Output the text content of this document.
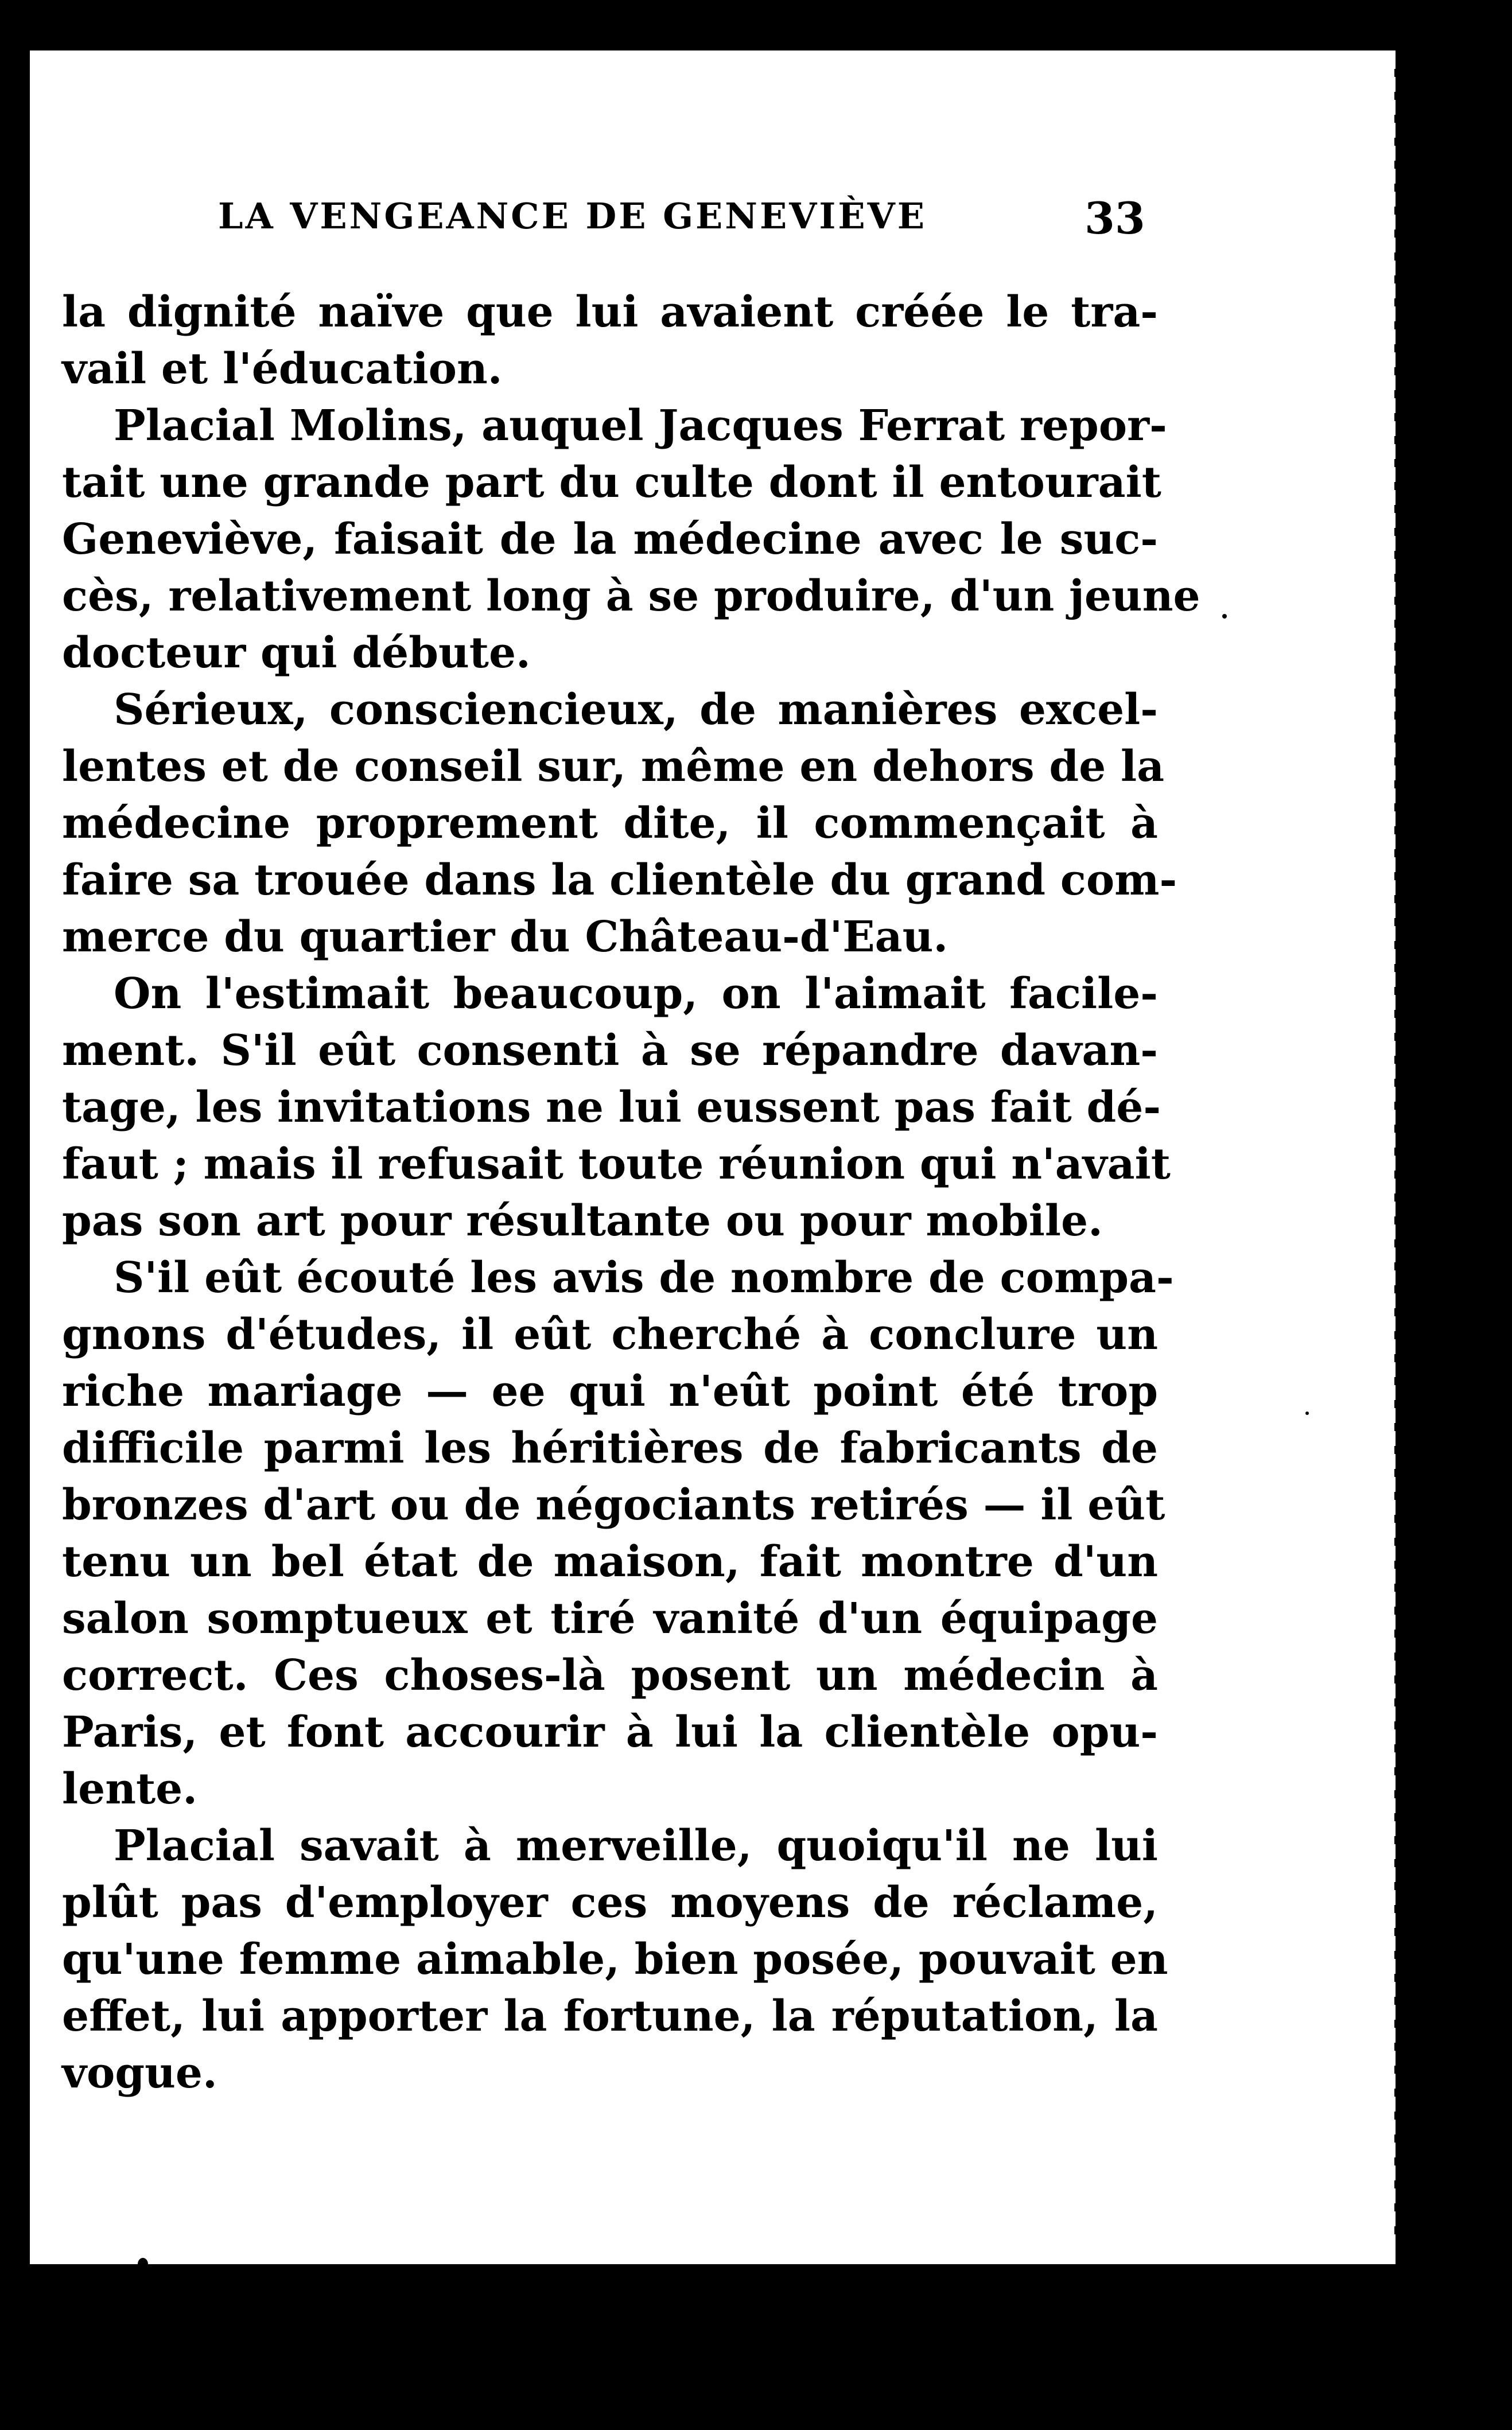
LA VENGEANCE DE GENEVIÈVE	33
la dignité naïve que lui avaient créée le tra-
vail et l'éducation.
Placial Molins, auquel Jacques Ferrat repor-
tait une grande part du culte dont il entourait
Geneviève, faisait de la médecine avec le suc-
cès, relativement long à se produire, d'un jeune
docteur qui débute.
Sérieux, consciencieux, de manières excel-
lentes et de conseil sur, même en dehors de la
médecine proprement dite, il commençait à
faire sa trouée dans la clientèle du grand com-
merce du quartier du Château-d'Eau.
On l'estimait beaucoup, on l'aimait facile-
ment. S'il eût consenti à se répandre davan-
tage, les invitations ne lui eussent pas fait dé-
faut ; mais il refusait toute réunion qui n'avait
pas son art pour résultante ou pour mobile.
S'il eût écouté les avis de nombre de compa-
gnons d'études, il eût cherché à conclure un
riche mariage — ee qui n'eût point été trop
difficile parmi les héritières de fabricants de
bronzes d'art ou de négociants retirés — il eût
tenu un bel état de maison, fait montre d'un
salon somptueux et tiré vanité d'un équipage
correct. Ces choses-là posent un médecin à
Paris, et font accourir à lui la clientèle opu-
lente.
Placial savait à merveille, quoiqu'il ne lui
plût pas d'employer ces moyens de réclame,
qu'une femme aimable, bien posée, pouvait en
effet, lui apporter la fortune, la réputation, la
vogue.
